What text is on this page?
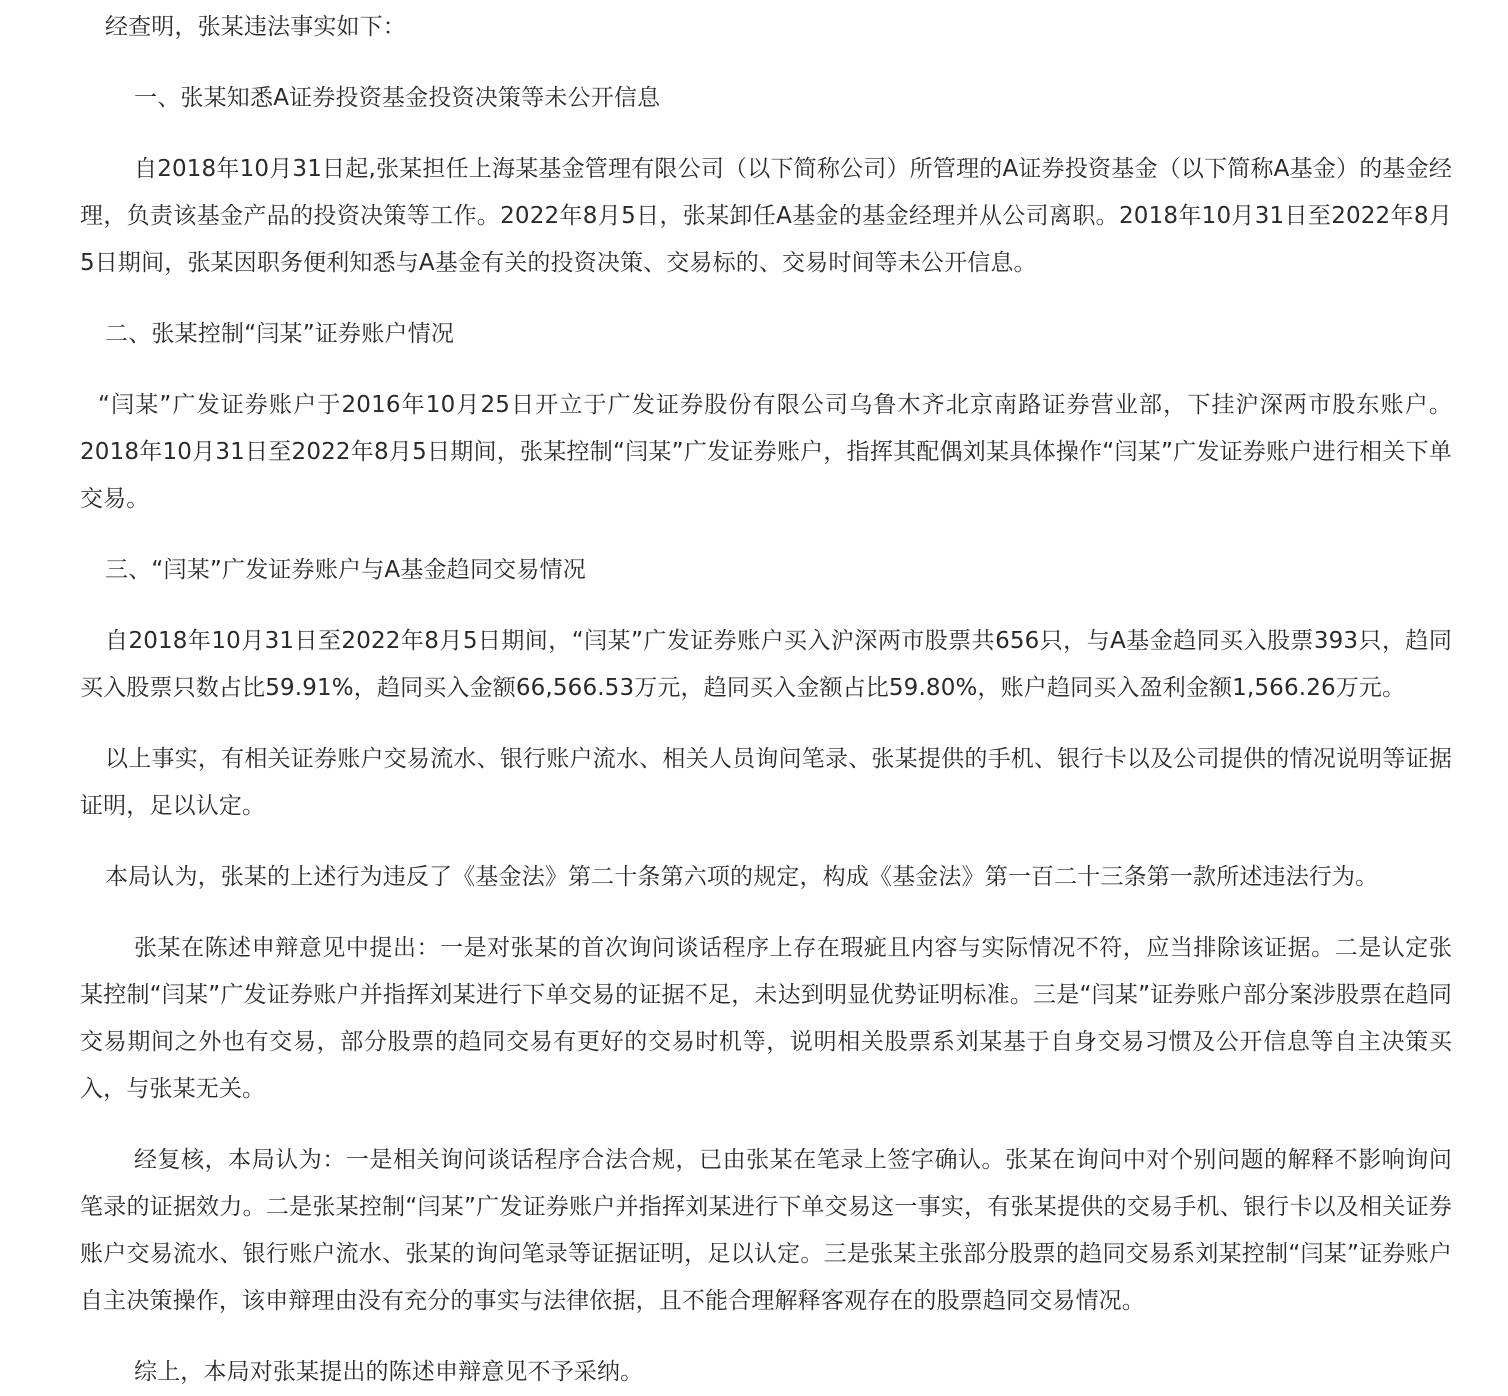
经查明，张某违法事实如下：

一、张某知悉A证券投资基金投资决策等未公开信息

自2018年10月31日起,张某担任上海某基金管理有限公司（以下简称公司）所管理的A证券投资基金（以下简称A基金）的基金经理，负责该基金产品的投资决策等工作。2022年8月5日，张某卸任A基金的基金经理并从公司离职。2018年10月31日至2022年8月5日期间，张某因职务便利知悉与A基金有关的投资决策、交易标的、交易时间等未公开信息。

二、张某控制“闫某”证券账户情况

“闫某”广发证券账户于2016年10月25日开立于广发证券股份有限公司乌鲁木齐北京南路证券营业部，下挂沪深两市股东账户。2018年10月31日至2022年8月5日期间，张某控制“闫某”广发证券账户，指挥其配偶刘某具体操作“闫某”广发证券账户进行相关下单交易。

三、“闫某”广发证券账户与A基金趋同交易情况

自2018年10月31日至2022年8月5日期间，“闫某”广发证券账户买入沪深两市股票共656只，与A基金趋同买入股票393只，趋同买入股票只数占比59.91%，趋同买入金额66,566.53万元，趋同买入金额占比59.80%，账户趋同买入盈利金额1,566.26万元。

以上事实，有相关证券账户交易流水、银行账户流水、相关人员询问笔录、张某提供的手机、银行卡以及公司提供的情况说明等证据证明，足以认定。

本局认为，张某的上述行为违反了《基金法》第二十条第六项的规定，构成《基金法》第一百二十三条第一款所述违法行为。

张某在陈述申辩意见中提出：一是对张某的首次询问谈话程序上存在瑕疵且内容与实际情况不符，应当排除该证据。二是认定张某控制“闫某”广发证券账户并指挥刘某进行下单交易的证据不足，未达到明显优势证明标准。三是“闫某”证券账户部分案涉股票在趋同交易期间之外也有交易，部分股票的趋同交易有更好的交易时机等，说明相关股票系刘某基于自身交易习惯及公开信息等自主决策买入，与张某无关。

经复核，本局认为：一是相关询问谈话程序合法合规，已由张某在笔录上签字确认。张某在询问中对个别问题的解释不影响询问笔录的证据效力。二是张某控制“闫某”广发证券账户并指挥刘某进行下单交易这一事实，有张某提供的交易手机、银行卡以及相关证券账户交易流水、银行账户流水、张某的询问笔录等证据证明，足以认定。三是张某主张部分股票的趋同交易系刘某控制“闫某”证券账户自主决策操作，该申辩理由没有充分的事实与法律依据，且不能合理解释客观存在的股票趋同交易情况。

综上，本局对张某提出的陈述申辩意见不予采纳。
